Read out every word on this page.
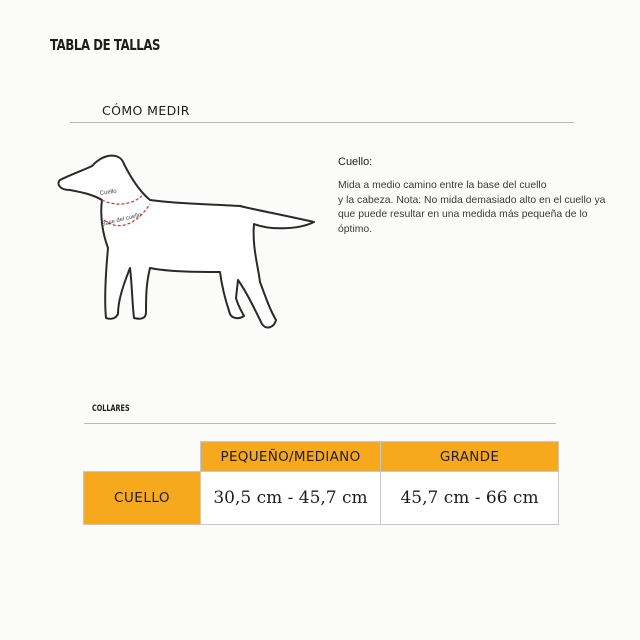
TABLA DE TALLAS
CÓMO MEDIR
Cuello
Base del cuello
Cuello:
Mida a medio camino entre la base del cuello
y la cabeza. Nota: No mida demasiado alto en el cuello ya
que puede resultar en una medida más pequeña de lo
óptimo.
COLLARES
	PEQUEÑO/MEDIANO	GRANDE
CUELLO	30,5 cm - 45,7 cm	45,7 cm - 66 cm
